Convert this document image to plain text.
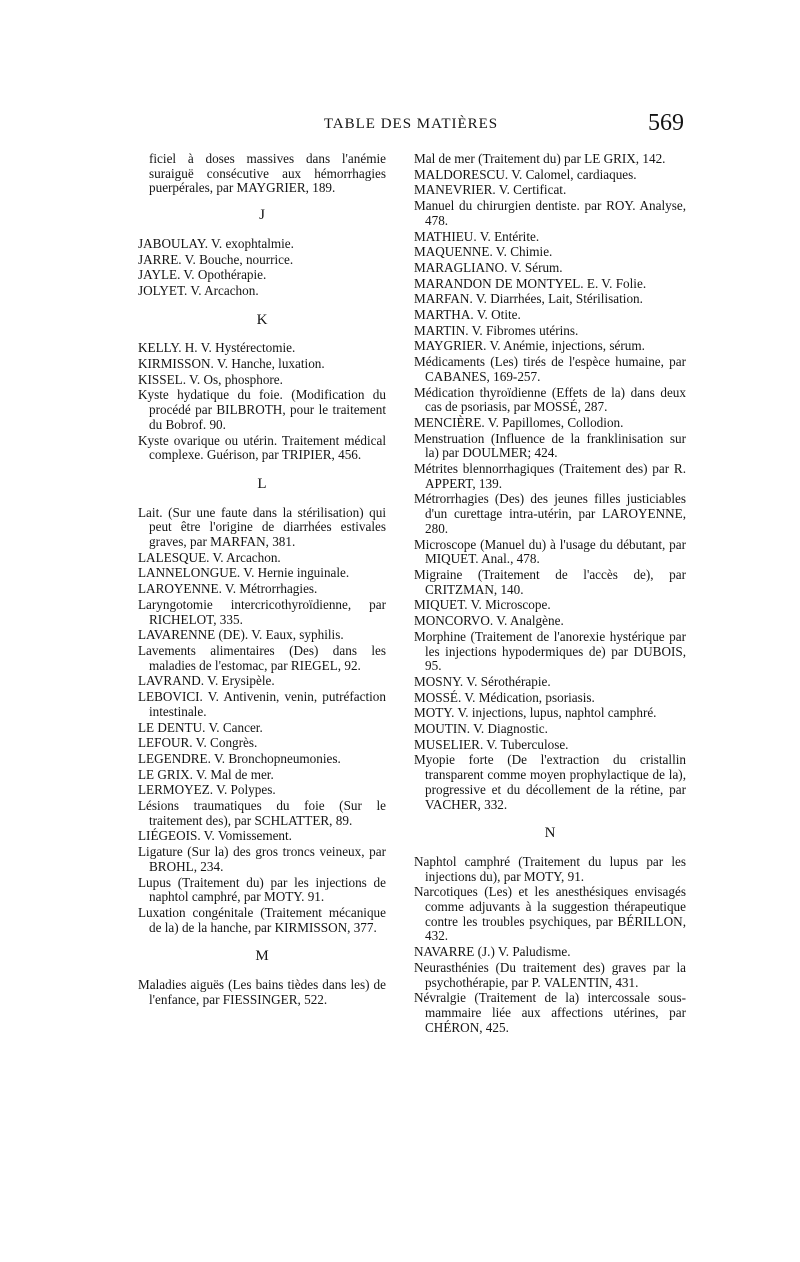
TABLE DES MATIÈRES	569
ficiel à doses massives dans l'anémie suraiguë consécutive aux hémorrhagies puerpérales, par MAYGRIER, 189.
J
JABOULAY. V. exophtalmie.
JARRE. V. Bouche, nourrice.
JAYLE. V. Opothérapie.
JOLYET. V. Arcachon.
K
KELLY. H. V. Hystérectomie.
KIRMISSON. V. Hanche, luxation.
KISSEL. V. Os, phosphore.
Kyste hydatique du foie. (Modification du procédé par BILBROTH, pour le traitement du Bobrof. 90.
Kyste ovarique ou utérin. Traitement médical complexe. Guérison, par TRIPIER, 456.
L
Lait. (Sur une faute dans la stérilisation) qui peut être l'origine de diarrhées estivales graves, par MARFAN, 381.
LALESQUE. V. Arcachon.
LANNELONGUE. V. Hernie inguinale.
LAROYENNE. V. Métrorrhagies.
Laryngotomie intercricothyroïdienne, par RICHELOT, 335.
LAVARENNE (DE). V. Eaux, syphilis.
Lavements alimentaires (Des) dans les maladies de l'estomac, par RIEGEL, 92.
LAVRAND. V. Erysipèle.
LEBOVICI. V. Antivenin, venin, putréfaction intestinale.
LE DENTU. V. Cancer.
LEFOUR. V. Congrès.
LEGENDRE. V. Bronchopneumonies.
LE GRIX. V. Mal de mer.
LERMOYEZ. V. Polypes.
Lésions traumatiques du foie (Sur le traitement des), par SCHLATTER, 89.
LIÉGEOIS. V. Vomissement.
Ligature (Sur la) des gros troncs veineux, par BROHL, 234.
Lupus (Traitement du) par les injections de naphtol camphré, par MOTY. 91.
Luxation congénitale (Traitement mécanique de la) de la hanche, par KIRMISSON, 377.
M
Maladies aiguës (Les bains tièdes dans les) de l'enfance, par FIESSINGER, 522.
Mal de mer (Traitement du) par LE GRIX, 142.
MALDORESCU. V. Calomel, cardiaques.
MANEVRIER. V. Certificat.
Manuel du chirurgien dentiste. par ROY. Analyse, 478.
MATHIEU. V. Entérite.
MAQUENNE. V. Chimie.
MARAGLIANO. V. Sérum.
MARANDON DE MONTYEL. E. V. Folie.
MARFAN. V. Diarrhées, Lait, Stérilisation.
MARTHA. V. Otite.
MARTIN. V. Fibromes utérins.
MAYGRIER. V. Anémie, injections, sérum.
Médicaments (Les) tirés de l'espèce humaine, par CABANES, 169-257.
Médication thyroïdienne (Effets de la) dans deux cas de psoriasis, par MOSSÉ, 287.
MENCIÈRE. V. Papillomes, Collodion.
Menstruation (Influence de la franklinisation sur la) par DOULMER; 424.
Métrites blennorrhagiques (Traitement des) par R. APPERT, 139.
Métrorrhagies (Des) des jeunes filles justiciables d'un curettage intra-utérin, par LAROYENNE, 280.
Microscope (Manuel du) à l'usage du débutant, par MIQUET. Anal., 478.
Migraine (Traitement de l'accès de), par CRITZMAN, 140.
MIQUET. V. Microscope.
MONCORVO. V. Analgène.
Morphine (Traitement de l'anorexie hystérique par les injections hypodermiques de) par DUBOIS, 95.
MOSNY. V. Sérothérapie.
MOSSÉ. V. Médication, psoriasis.
MOTY. V. injections, lupus, naphtol camphré.
MOUTIN. V. Diagnostic.
MUSELIER. V. Tuberculose.
Myopie forte (De l'extraction du cristallin transparent comme moyen prophylactique de la), progressive et du décollement de la rétine, par VACHER, 332.
N
Naphtol camphré (Traitement du lupus par les injections du), par MOTY, 91.
Narcotiques (Les) et les anesthésiques envisagés comme adjuvants à la suggestion thérapeutique contre les troubles psychiques, par BÉRILLON, 432.
NAVARRE (J.) V. Paludisme.
Neurasthénies (Du traitement des) graves par la psychothérapie, par P. VALENTIN, 431.
Névralgie (Traitement de la) intercossale sous-mammaire liée aux affections utérines, par CHÉRON, 425.
